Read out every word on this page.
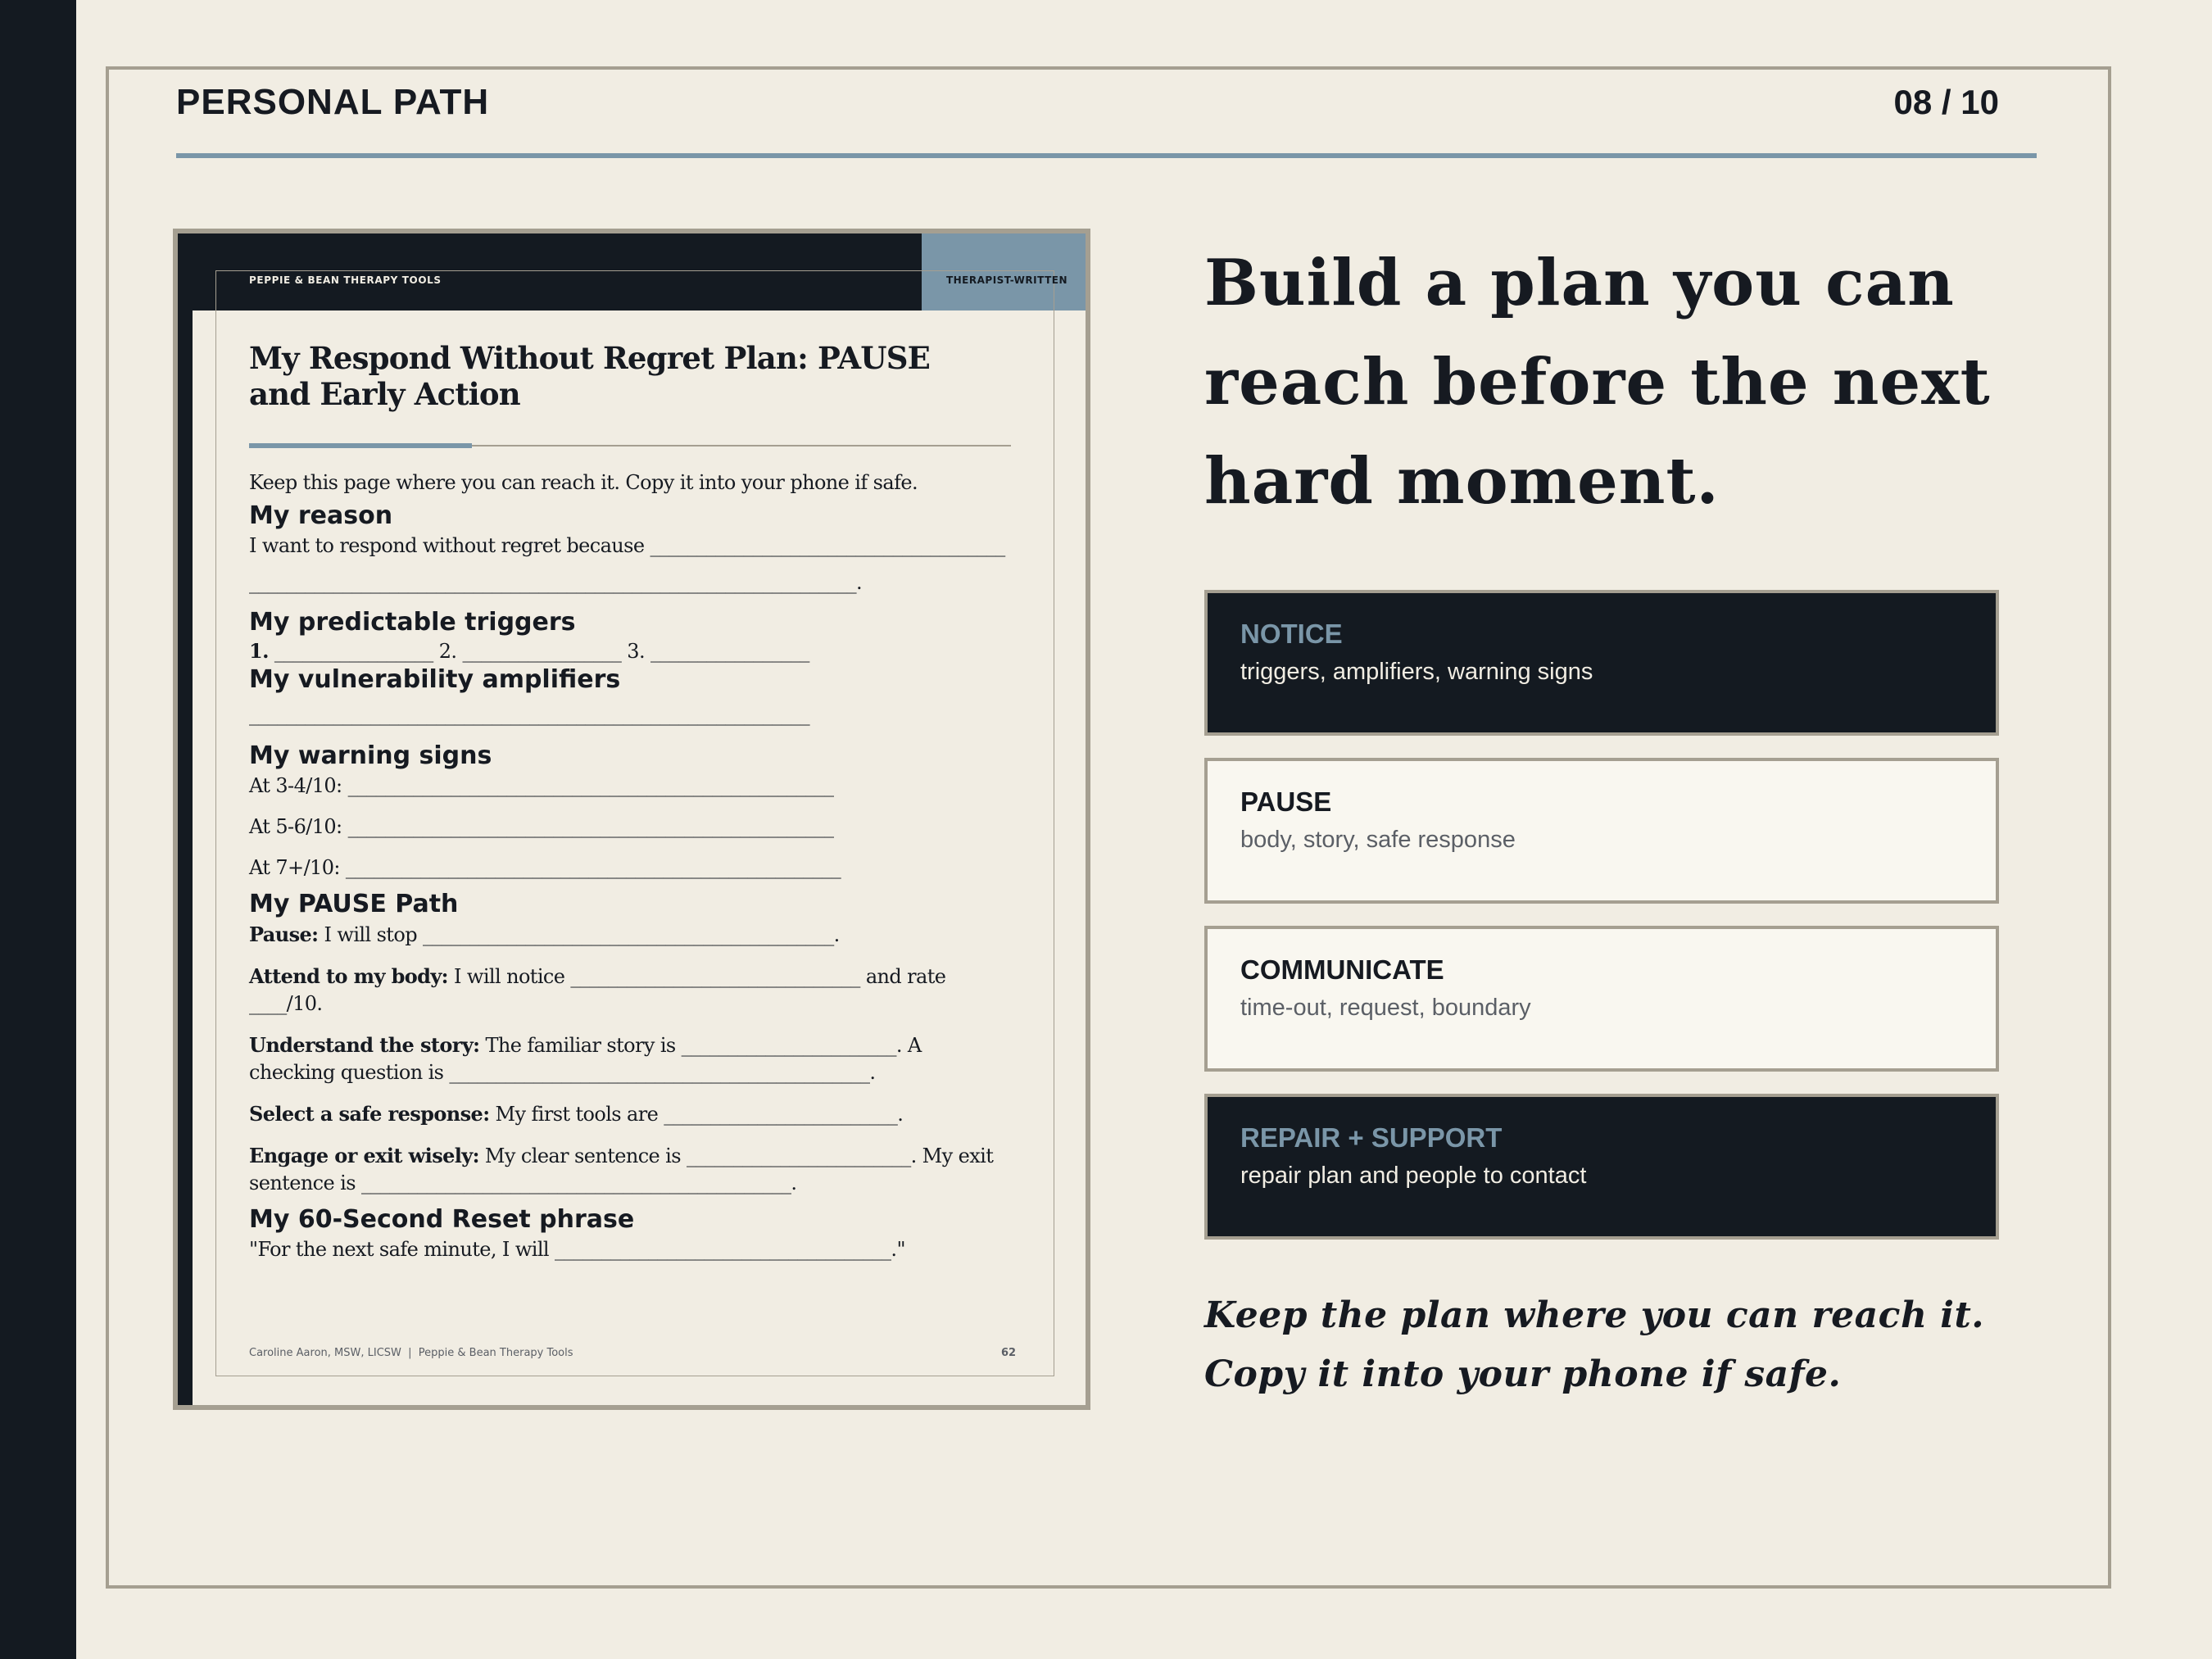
PERSONAL PATH	08 / 10
PEPPIE & BEAN THERAPY TOOLS	THERAPIST-WRITTEN
My Respond Without Regret Plan: PAUSE and Early Action

Keep this page where you can reach it. Copy it into your phone if safe.

My reason

I want to respond without regret because ______________________________________

_________________________________________________________________.

My predictable triggers

1. _________________ 2. _________________ 3. _________________

My vulnerability amplifiers

____________________________________________________________

My warning signs

At 3-4/10: ____________________________________________________

At 5-6/10: ____________________________________________________

At 7+/10: _____________________________________________________

My PAUSE Path

Pause: I will stop ____________________________________________.

Attend to my body: I will notice _______________________________ and rate ____/10.

Understand the story: The familiar story is _______________________. A checking question is _____________________________________________.

Select a safe response: My first tools are _________________________.

Engage or exit wisely: My clear sentence is ________________________. My exit sentence is ______________________________________________.

My 60-Second Reset phrase

"For the next safe minute, I will ____________________________________."

Caroline Aaron, MSW, LICSW  |  Peppie & Bean Therapy Tools	62
Build a plan you can reach before the next hard moment.
NOTICE
triggers, amplifiers, warning signs
PAUSE
body, story, safe response
COMMUNICATE
time-out, request, boundary
REPAIR + SUPPORT
repair plan and people to contact

Keep the plan where you can reach it. Copy it into your phone if safe.
